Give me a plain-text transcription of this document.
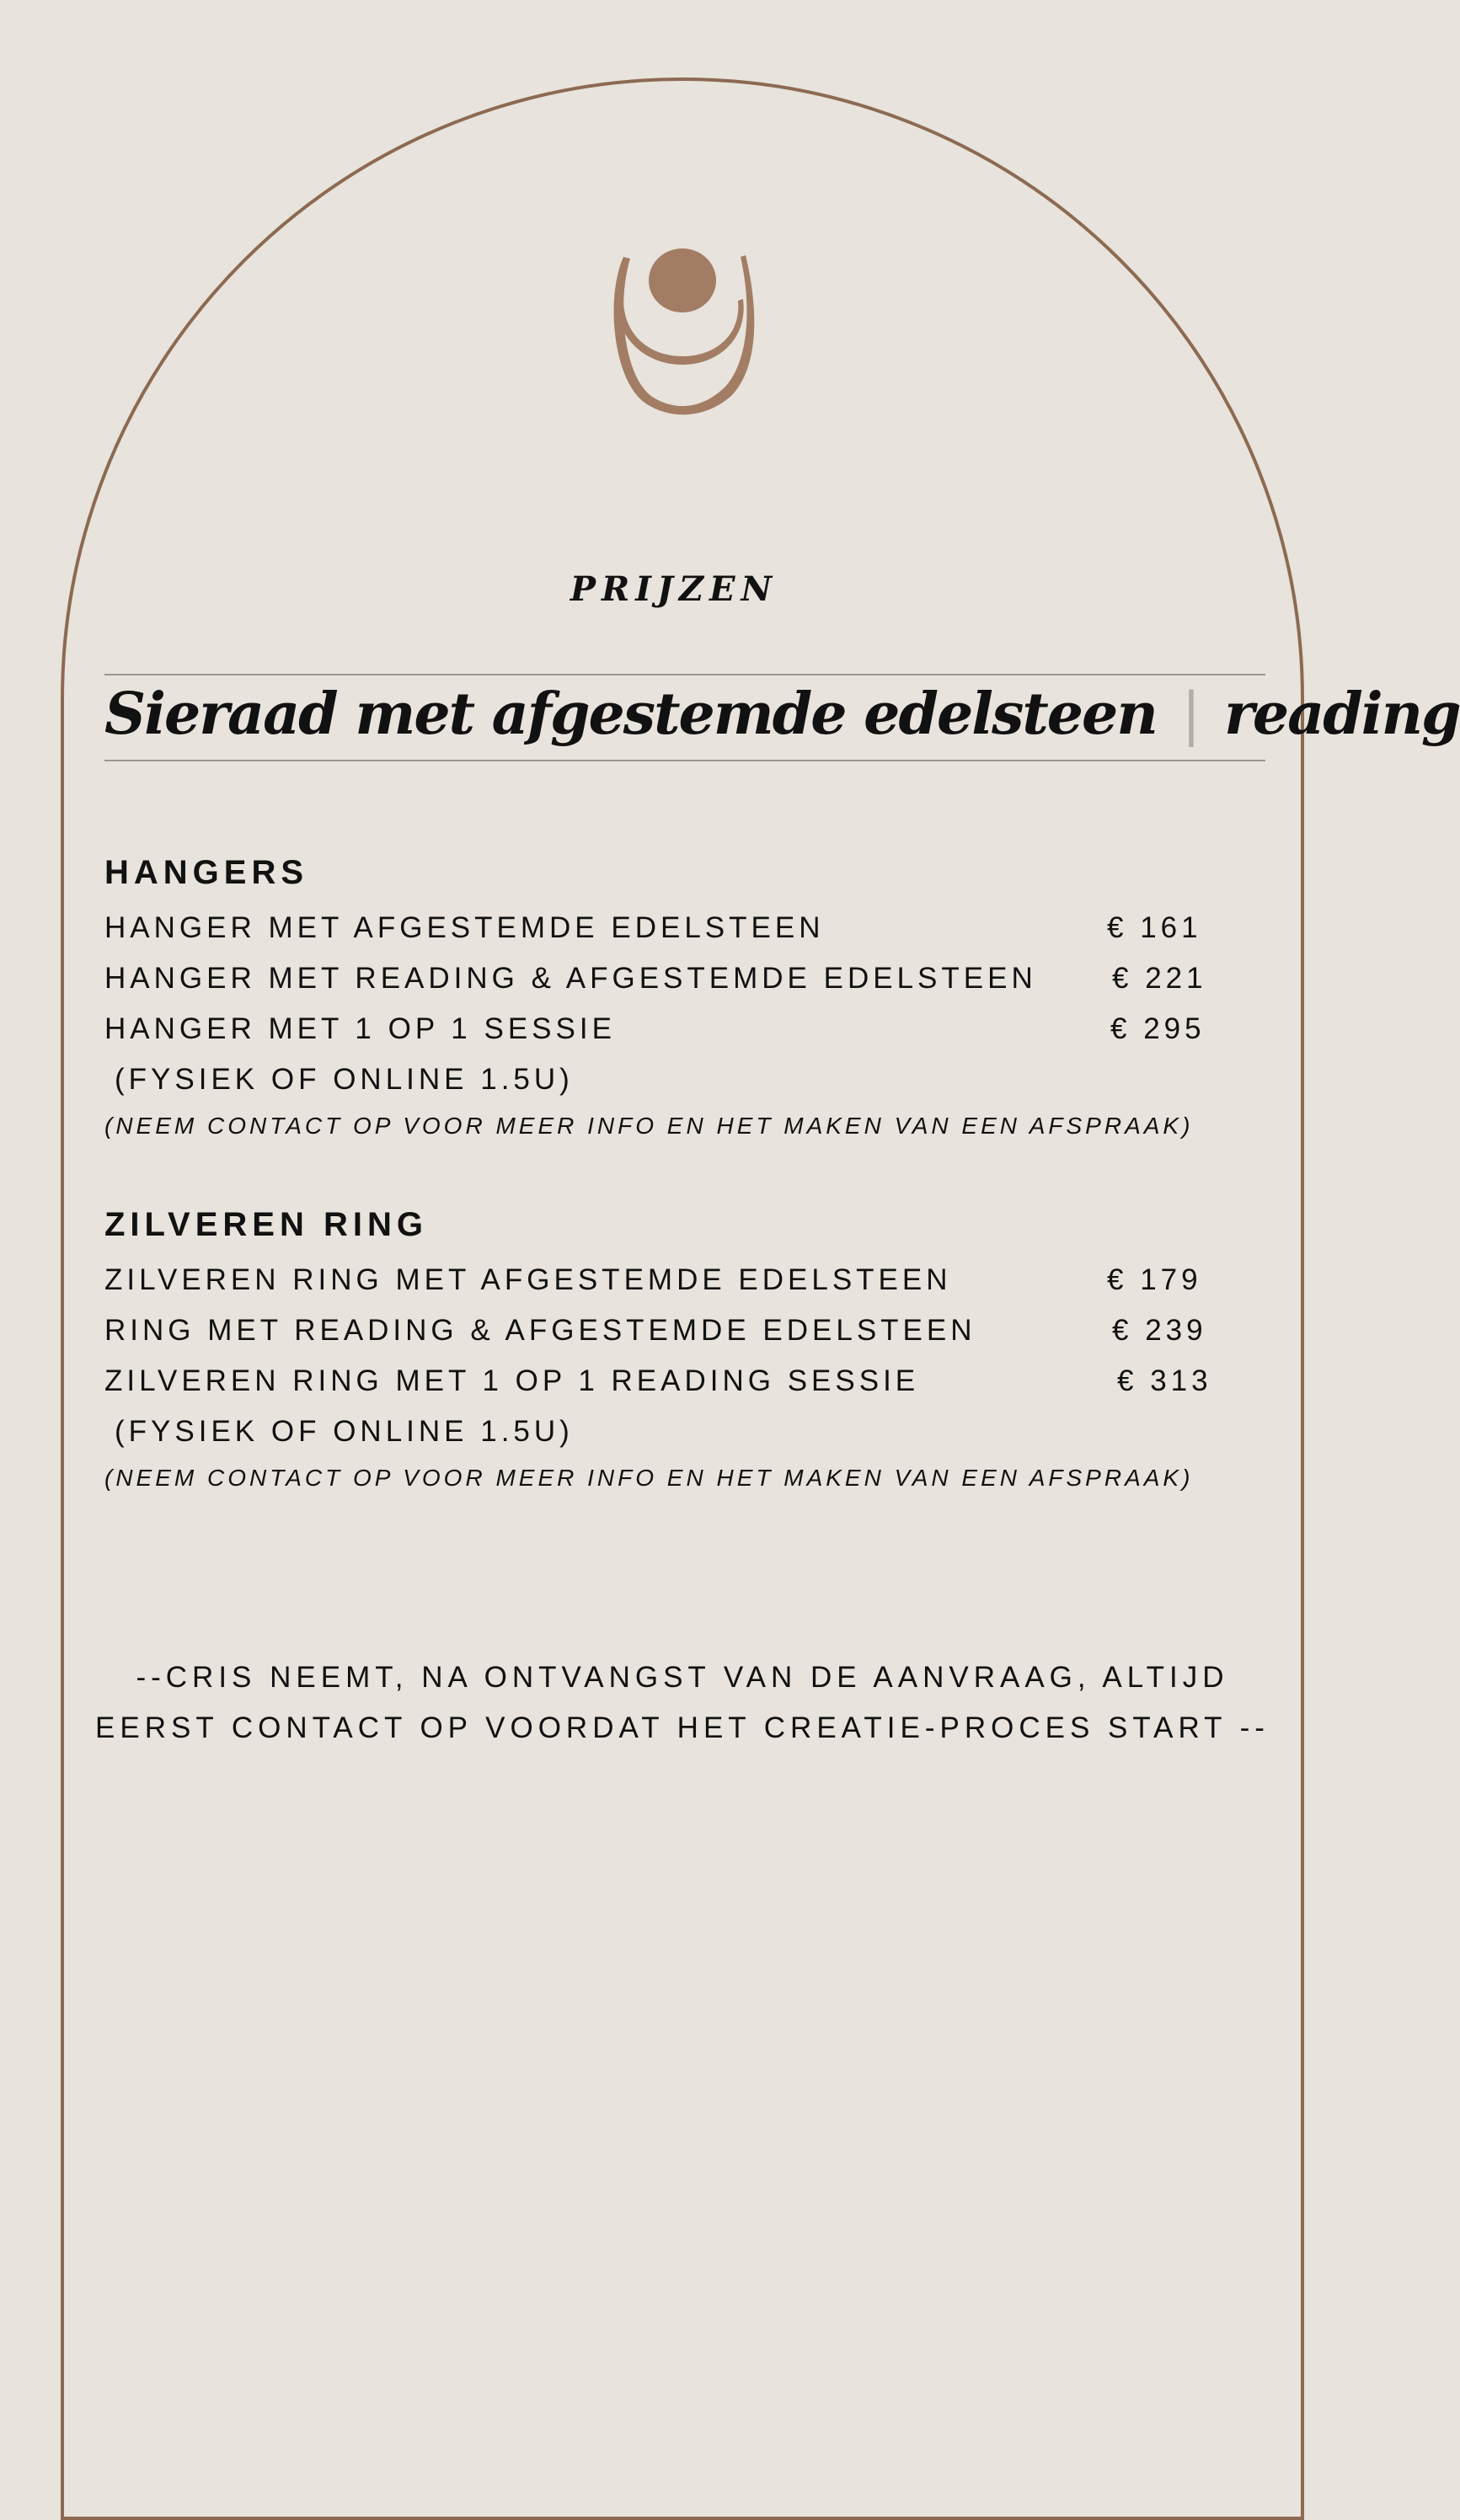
PRIJZEN
Sieraad met afgestemde edelsteen | reading
HANGERS
HANGER MET AFGESTEMDE EDELSTEEN	€ 161
HANGER MET READING & AFGESTEMDE EDELSTEEN	€ 221
HANGER MET 1 OP 1 SESSIE	€ 295
(FYSIEK OF ONLINE 1.5U)
(NEEM CONTACT OP VOOR MEER INFO EN HET MAKEN VAN EEN AFSPRAAK)
ZILVEREN RING
ZILVEREN RING MET AFGESTEMDE EDELSTEEN	€ 179
RING MET READING & AFGESTEMDE EDELSTEEN	€ 239
ZILVEREN RING MET 1 OP 1 READING SESSIE	€ 313
(FYSIEK OF ONLINE 1.5U)
(NEEM CONTACT OP VOOR MEER INFO EN HET MAKEN VAN EEN AFSPRAAK)
--CRIS NEEMT, NA ONTVANGST VAN DE AANVRAAG, ALTIJD
EERST CONTACT OP VOORDAT HET CREATIE-PROCES START --
